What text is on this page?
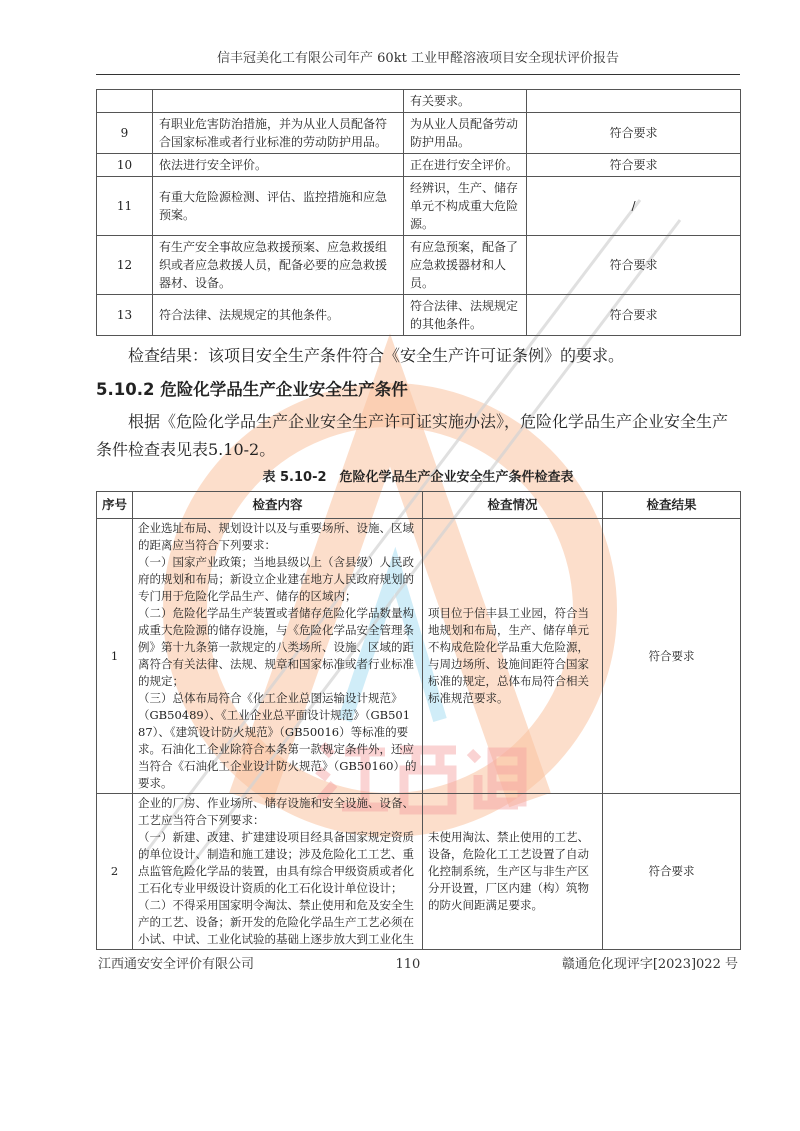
信丰冠美化工有限公司年产 60kt 工业甲醛溶液项目安全现状评价报告
		有关要求。	
9	有职业危害防治措施，并为从业人员配备符合国家标准或者行业标准的劳动防护用品。	为从业人员配备劳动防护用品。	符合要求
10	依法进行安全评价。	正在进行安全评价。	符合要求
11	有重大危险源检测、评估、监控措施和应急预案。	经辨识，生产、储存单元不构成重大危险源。	/
12	有生产安全事故应急救援预案、应急救援组织或者应急救援人员，配备必要的应急救援器材、设备。	有应急预案，配备了应急救援器材和人员。	符合要求
13	符合法律、法规规定的其他条件。	符合法律、法规规定的其他条件。	符合要求
检查结果：该项目安全生产条件符合《安全生产许可证条例》的要求。
5.10.2 危险化学品生产企业安全生产条件
根据《危险化学品生产企业安全生产许可证实施办法》，危险化学品生产企业安全生产条件检查表见表5.10-2。
表 5.10-2　危险化学品生产企业安全生产条件检查表
序号	检查内容	检查情况	检查结果
1	企业选址布局、规划设计以及与重要场所、设施、区域的距离应当符合下列要求：
（一）国家产业政策；当地县级以上（含县级）人民政府的规划和布局；新设立企业建在地方人民政府规划的专门用于危险化学品生产、储存的区域内；
（二）危险化学品生产装置或者储存危险化学品数量构成重大危险源的储存设施，与《危险化学品安全管理条例》第十九条第一款规定的八类场所、设施、区域的距离符合有关法律、法规、规章和国家标准或者行业标准的规定；
（三）总体布局符合《化工企业总图运输设计规范》（GB50489）、《工业企业总平面设计规范》（GB50187）、《建筑设计防火规范》（GB50016）等标准的要求。石油化工企业除符合本条第一款规定条件外，还应当符合《石油化工企业设计防火规范》（GB50160）的要求。	项目位于信丰县工业园，符合当地规划和布局，生产、储存单元不构成危险化学品重大危险源，与周边场所、设施间距符合国家标准的规定，总体布局符合相关标准规范要求。	符合要求
2	企业的厂房、作业场所、储存设施和安全设施、设备、工艺应当符合下列要求：
（一）新建、改建、扩建建设项目经具备国家规定资质的单位设计、制造和施工建设；涉及危险化工工艺、重点监管危险化学品的装置，由具有综合甲级资质或者化工石化专业甲级设计资质的化工石化设计单位设计；
（二）不得采用国家明令淘汰、禁止使用和危及安全生产的工艺、设备；新开发的危险化学品生产工艺必须在小试、中试、工业化试验的基础上逐步放大到工业化生	未使用淘汰、禁止使用的工艺、设备，危险化工工艺设置了自动化控制系统，生产区与非生产区分开设置，厂区内建（构）筑物的防火间距满足要求。	符合要求
江西通安安全评价有限公司	110	赣通危化现评字[2023]022 号
